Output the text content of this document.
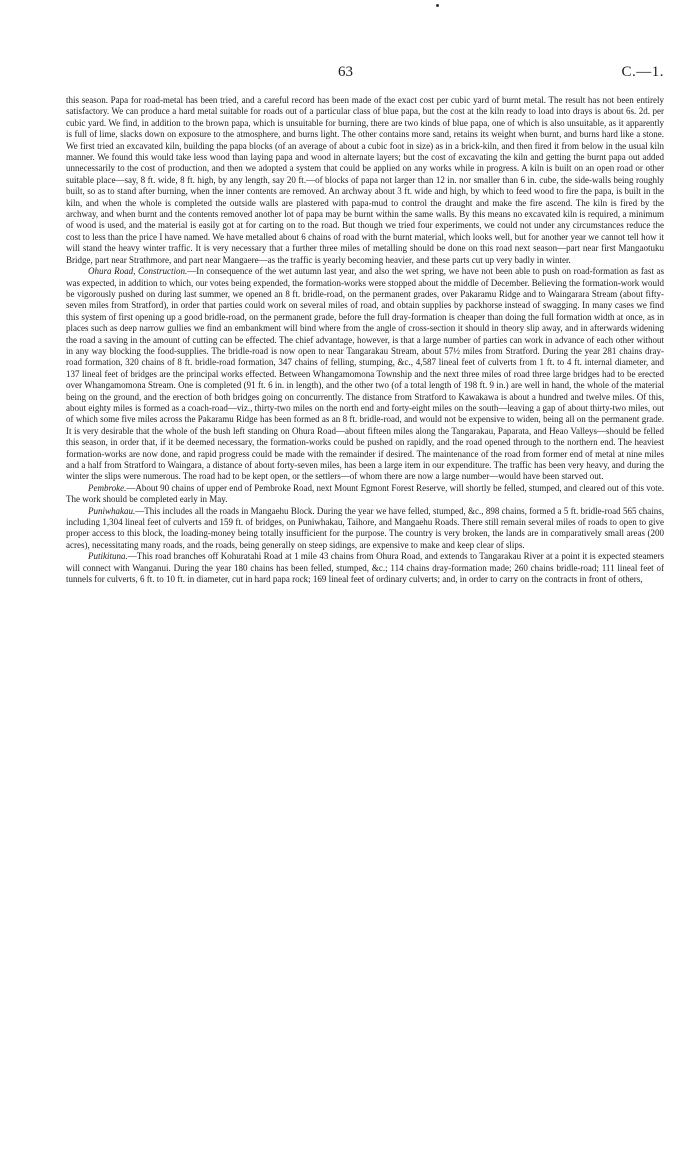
63	C.—1.

this season. Papa for road-metal has been tried, and a careful record has been made of the exact cost per cubic yard of burnt metal. The result has not been entirely satisfactory. We can produce a hard metal suitable for roads out of a particular class of blue papa, but the cost at the kiln ready to load into drays is about 6s. 2d. per cubic yard. We find, in addition to the brown papa, which is unsuitable for burning, there are two kinds of blue papa, one of which is also unsuitable, as it apparently is full of lime, slacks down on exposure to the atmosphere, and burns light. The other contains more sand, retains its weight when burnt, and burns hard like a stone. We first tried an excavated kiln, building the papa blocks (of an average of about a cubic foot in size) as in a brick-kiln, and then fired it from below in the usual kiln manner. We found this would take less wood than laying papa and wood in alternate layers; but the cost of excavating the kiln and getting the burnt papa out added unnecessarily to the cost of production, and then we adopted a system that could be applied on any works while in progress. A kiln is built on an open road or other suitable place—say, 8 ft. wide, 8 ft. high, by any length, say 20 ft.—of blocks of papa not larger than 12 in. nor smaller than 6 in. cube, the side-walls being roughly built, so as to stand after burning, when the inner contents are removed. An archway about 3 ft. wide and high, by which to feed wood to fire the papa, is built in the kiln, and when the whole is completed the outside walls are plastered with papa-mud to control the draught and make the fire ascend. The kiln is fired by the archway, and when burnt and the contents removed another lot of papa may be burnt within the same walls. By this means no excavated kiln is required, a minimum of wood is used, and the material is easily got at for carting on to the road. But though we tried four experiments, we could not under any circumstances reduce the cost to less than the price I have named. We have metalled about 6 chains of road with the burnt material, which looks well, but for another year we cannot tell how it will stand the heavy winter traffic. It is very necessary that a further three miles of metalling should be done on this road next season—part near first Mangaotuku Bridge, part near Strathmore, and part near Mangaere—as the traffic is yearly becoming heavier, and these parts cut up very badly in winter.

Ohura Road, Construction.—In consequence of the wet autumn last year, and also the wet spring, we have not been able to push on road-formation as fast as was expected, in addition to which, our votes being expended, the formation-works were stopped about the middle of December. Believing the formation-work would be vigorously pushed on during last summer, we opened an 8 ft. bridle-road, on the permanent grades, over Pakaramu Ridge and to Waingarara Stream (about fifty-seven miles from Stratford), in order that parties could work on several miles of road, and obtain supplies by packhorse instead of swagging. In many cases we find this system of first opening up a good bridle-road, on the permanent grade, before the full dray-formation is cheaper than doing the full formation width at once, as in places such as deep narrow gullies we find an embankment will bind where from the angle of cross-section it should in theory slip away, and in afterwards widening the road a saving in the amount of cutting can be effected. The chief advantage, however, is that a large number of parties can work in advance of each other without in any way blocking the food-supplies. The bridle-road is now open to near Tangarakau Stream, about 57½ miles from Stratford. During the year 281 chains dray-road formation, 320 chains of 8 ft. bridle-road formation, 347 chains of felling, stumping, &c., 4,587 lineal feet of culverts from 1 ft. to 4 ft. internal diameter, and 137 lineal feet of bridges are the principal works effected. Between Whangamomona Township and the next three miles of road three large bridges had to be erected over Whangamomona Stream. One is completed (91 ft. 6 in. in length), and the other two (of a total length of 198 ft. 9 in.) are well in hand, the whole of the material being on the ground, and the erection of both bridges going on concurrently. The distance from Stratford to Kawakawa is about a hundred and twelve miles. Of this, about eighty miles is formed as a coach-road—viz., thirty-two miles on the north end and forty-eight miles on the south—leaving a gap of about thirty-two miles, out of which some five miles across the Pakaramu Ridge has been formed as an 8 ft. bridle-road, and would not be expensive to widen, being all on the permanent grade. It is very desirable that the whole of the bush left standing on Ohura Road—about fifteen miles along the Tangarakau, Paparata, and Heao Valleys—should be felled this season, in order that, if it be deemed necessary, the formation-works could be pushed on rapidly, and the road opened through to the northern end. The heaviest formation-works are now done, and rapid progress could be made with the remainder if desired. The maintenance of the road from former end of metal at nine miles and a half from Stratford to Waingara, a distance of about forty-seven miles, has been a large item in our expenditure. The traffic has been very heavy, and during the winter the slips were numerous. The road had to be kept open, or the settlers—of whom there are now a large number—would have been starved out.

Pembroke.—About 90 chains of upper end of Pembroke Road, next Mount Egmont Forest Reserve, will shortly be felled, stumped, and cleared out of this vote. The work should be completed early in May.

Puniwhakau.—This includes all the roads in Mangaehu Block. During the year we have felled, stumped, &c., 898 chains, formed a 5 ft. bridle-road 565 chains, including 1,304 lineal feet of culverts and 159 ft. of bridges, on Puniwhakau, Taihore, and Mangaehu Roads. There still remain several miles of roads to open to give proper access to this block, the loading-money being totally insufficient for the purpose. The country is very broken, the lands are in comparatively small areas (200 acres), necessitating many roads, and the roads, being generally on steep sidings, are expensive to make and keep clear of slips.

Putikituna.—This road branches off Kohuratahi Road at 1 mile 43 chains from Ohura Road, and extends to Tangarakau River at a point it is expected steamers will connect with Wanganui. During the year 180 chains has been felled, stumped, &c.; 114 chains dray-formation made; 260 chains bridle-road; 111 lineal feet of tunnels for culverts, 6 ft. to 10 ft. in diameter, cut in hard papa rock; 169 lineal feet of ordinary culverts; and, in order to carry on the contracts in front of others,
